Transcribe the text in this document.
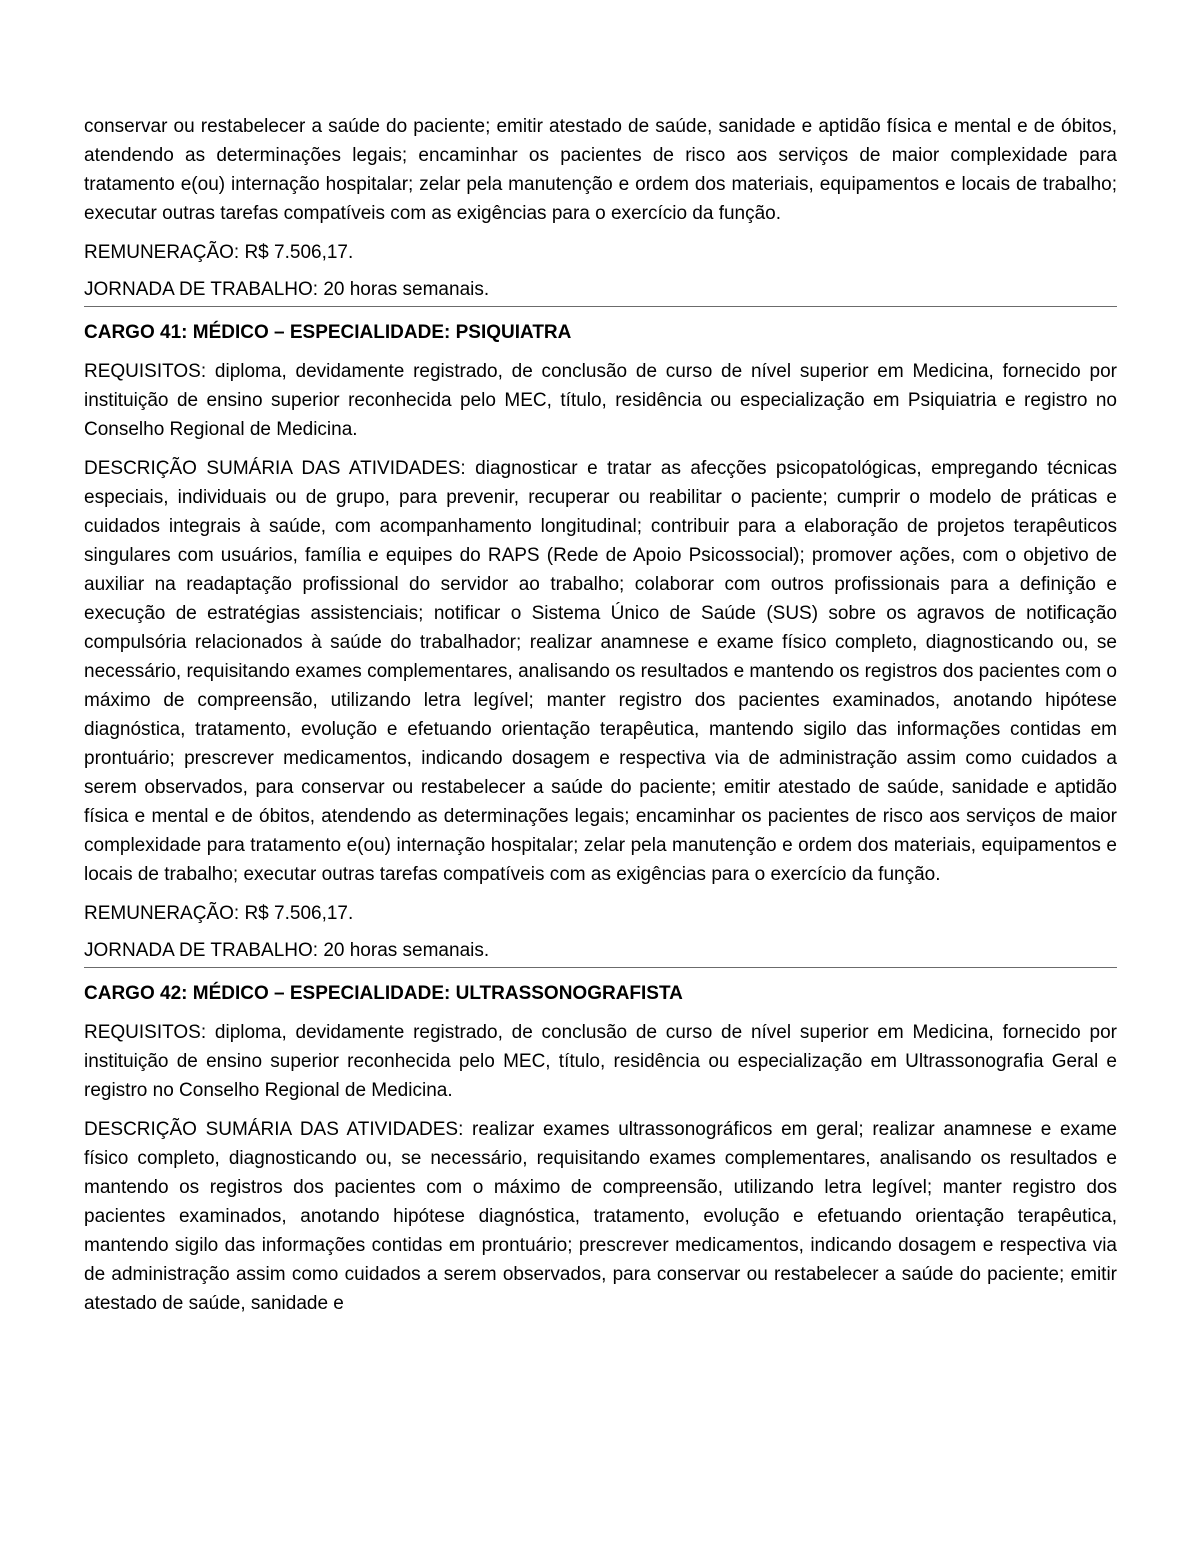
conservar ou restabelecer a saúde do paciente; emitir atestado de saúde, sanidade e aptidão física e mental e de óbitos, atendendo as determinações legais; encaminhar os pacientes de risco aos serviços de maior complexidade para tratamento e(ou) internação hospitalar; zelar pela manutenção e ordem dos materiais, equipamentos e locais de trabalho; executar outras tarefas compatíveis com as exigências para o exercício da função.

REMUNERAÇÃO: R$ 7.506,17.

JORNADA DE TRABALHO: 20 horas semanais.

CARGO 41: MÉDICO – ESPECIALIDADE: PSIQUIATRA

REQUISITOS: diploma, devidamente registrado, de conclusão de curso de nível superior em Medicina, fornecido por instituição de ensino superior reconhecida pelo MEC, título, residência ou especialização em Psiquiatria e registro no Conselho Regional de Medicina.

DESCRIÇÃO SUMÁRIA DAS ATIVIDADES: diagnosticar e tratar as afecções psicopatológicas, empregando técnicas especiais, individuais ou de grupo, para prevenir, recuperar ou reabilitar o paciente; cumprir o modelo de práticas e cuidados integrais à saúde, com acompanhamento longitudinal; contribuir para a elaboração de projetos terapêuticos singulares com usuários, família e equipes do RAPS (Rede de Apoio Psicossocial); promover ações, com o objetivo de auxiliar na readaptação profissional do servidor ao trabalho; colaborar com outros profissionais para a definição e execução de estratégias assistenciais; notificar o Sistema Único de Saúde (SUS) sobre os agravos de notificação compulsória relacionados à saúde do trabalhador; realizar anamnese e exame físico completo, diagnosticando ou, se necessário, requisitando exames complementares, analisando os resultados e mantendo os registros dos pacientes com o máximo de compreensão, utilizando letra legível; manter registro dos pacientes examinados, anotando hipótese diagnóstica, tratamento, evolução e efetuando orientação terapêutica, mantendo sigilo das informações contidas em prontuário; prescrever medicamentos, indicando dosagem e respectiva via de administração assim como cuidados a serem observados, para conservar ou restabelecer a saúde do paciente; emitir atestado de saúde, sanidade e aptidão física e mental e de óbitos, atendendo as determinações legais; encaminhar os pacientes de risco aos serviços de maior complexidade para tratamento e(ou) internação hospitalar; zelar pela manutenção e ordem dos materiais, equipamentos e locais de trabalho; executar outras tarefas compatíveis com as exigências para o exercício da função.

REMUNERAÇÃO: R$ 7.506,17.

JORNADA DE TRABALHO: 20 horas semanais.

CARGO 42: MÉDICO – ESPECIALIDADE: ULTRASSONOGRAFISTA

REQUISITOS: diploma, devidamente registrado, de conclusão de curso de nível superior em Medicina, fornecido por instituição de ensino superior reconhecida pelo MEC, título, residência ou especialização em Ultrassonografia Geral e registro no Conselho Regional de Medicina.

DESCRIÇÃO SUMÁRIA DAS ATIVIDADES: realizar exames ultrassonográficos em geral; realizar anamnese e exame físico completo, diagnosticando ou, se necessário, requisitando exames complementares, analisando os resultados e mantendo os registros dos pacientes com o máximo de compreensão, utilizando letra legível; manter registro dos pacientes examinados, anotando hipótese diagnóstica, tratamento, evolução e efetuando orientação terapêutica, mantendo sigilo das informações contidas em prontuário; prescrever medicamentos, indicando dosagem e respectiva via de administração assim como cuidados a serem observados, para conservar ou restabelecer a saúde do paciente; emitir atestado de saúde, sanidade e
